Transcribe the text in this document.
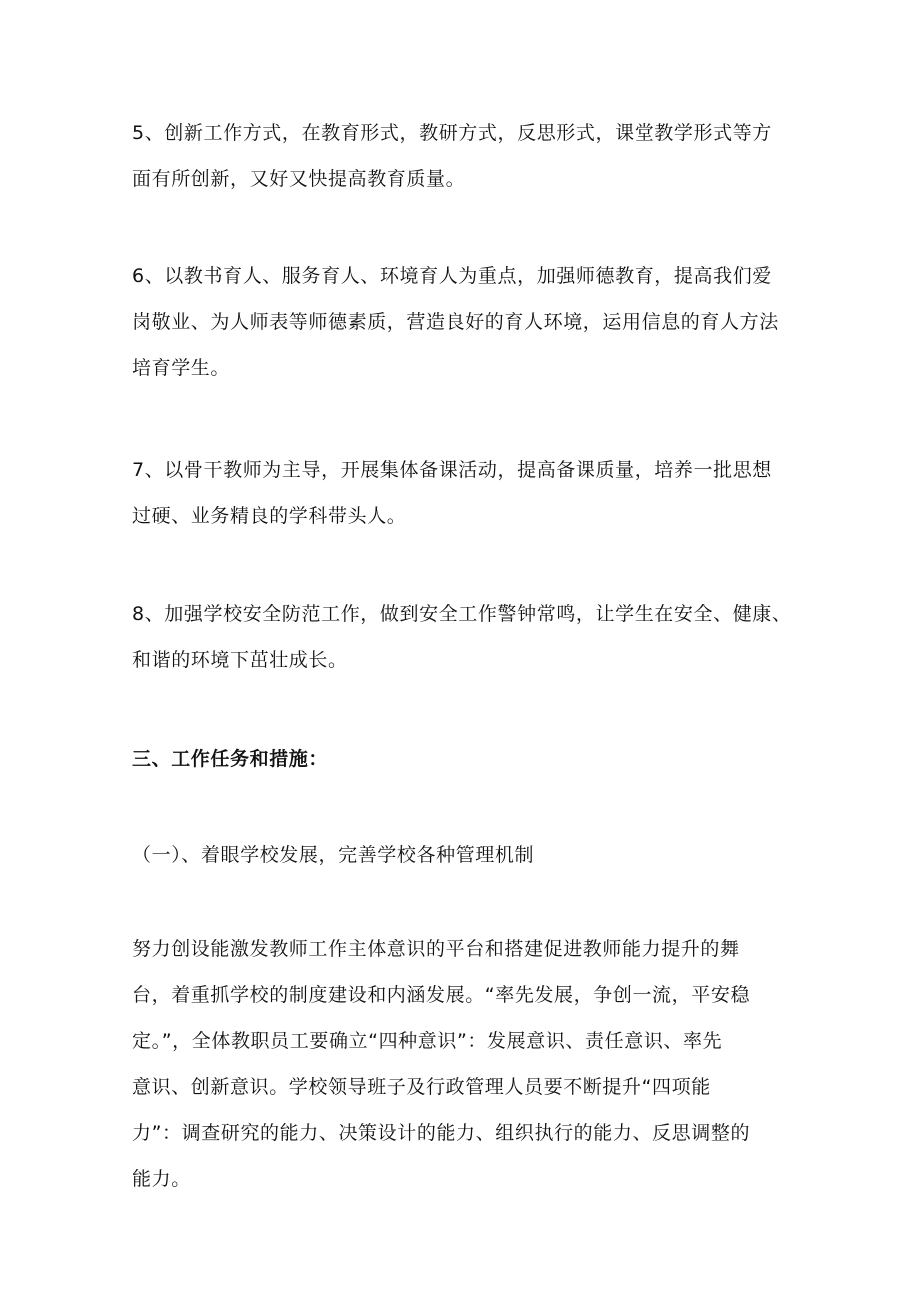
5、创新工作方式，在教育形式，教研方式，反思形式，课堂教学形式等方
面有所创新，又好又快提高教育质量。
6、以教书育人、服务育人、环境育人为重点，加强师德教育，提高我们爱
岗敬业、为人师表等师德素质，营造良好的育人环境，运用信息的育人方法
培育学生。
7、以骨干教师为主导，开展集体备课活动，提高备课质量，培养一批思想
过硬、业务精良的学科带头人。
8、加强学校安全防范工作，做到安全工作警钟常鸣，让学生在安全、健康、
和谐的环境下茁壮成长。
三、工作任务和措施：
（一）、着眼学校发展，完善学校各种管理机制
努力创设能激发教师工作主体意识的平台和搭建促进教师能力提升的舞
台，着重抓学校的制度建设和内涵发展。“率先发展，争创一流，平安稳
定。”，全体教职员工要确立“四种意识”：发展意识、责任意识、率先
意识、创新意识。学校领导班子及行政管理人员要不断提升“四项能
力”：调查研究的能力、决策设计的能力、组织执行的能力、反思调整的
能力。
